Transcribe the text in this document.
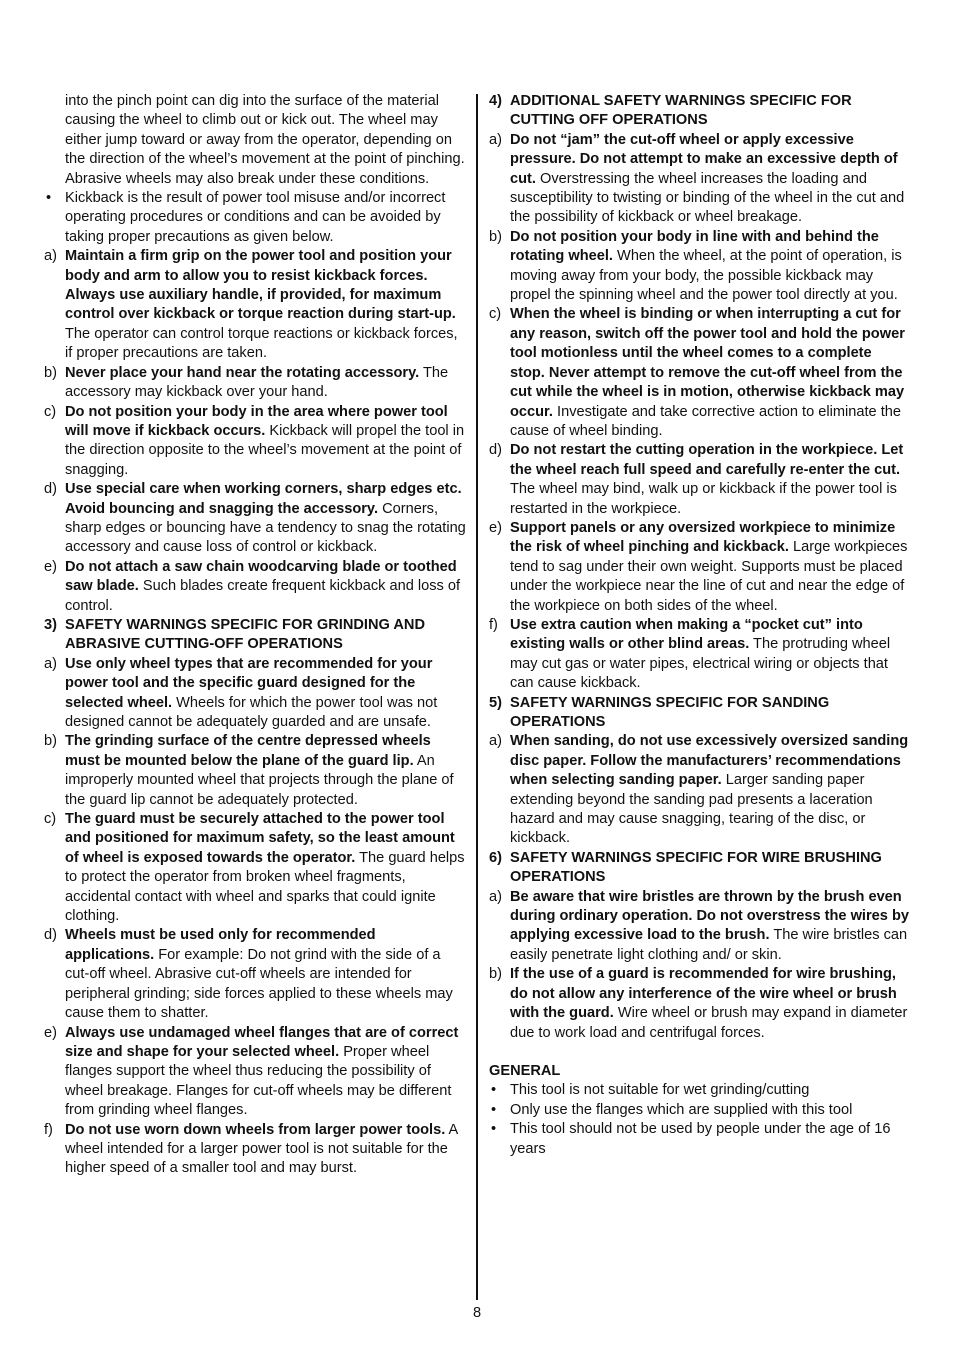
into the pinch point can dig into the surface of the material causing the wheel to climb out or kick out. The wheel may either jump toward or away from the operator, depending on the direction of the wheel’s movement at the point of pinching. Abrasive wheels may also break under these conditions.
• Kickback is the result of power tool misuse and/or incorrect operating procedures or conditions and can be avoided by taking proper precautions as given below.
a) Maintain a firm grip on the power tool and position your body and arm to allow you to resist kickback forces. Always use auxiliary handle, if provided, for maximum control over kickback or torque reaction during start-up. The operator can control torque reactions or kickback forces, if proper precautions are taken.
b) Never place your hand near the rotating accessory. The accessory may kickback over your hand.
c) Do not position your body in the area where power tool will move if kickback occurs. Kickback will propel the tool in the direction opposite to the wheel’s movement at the point of snagging.
d) Use special care when working corners, sharp edges etc. Avoid bouncing and snagging the accessory. Corners, sharp edges or bouncing have a tendency to snag the rotating accessory and cause loss of control or kickback.
e) Do not attach a saw chain woodcarving blade or toothed saw blade. Such blades create frequent kickback and loss of control.
3) SAFETY WARNINGS SPECIFIC FOR GRINDING AND ABRASIVE CUTTING-OFF OPERATIONS
a) Use only wheel types that are recommended for your power tool and the specific guard designed for the selected wheel. Wheels for which the power tool was not designed cannot be adequately guarded and are unsafe.
b) The grinding surface of the centre depressed wheels must be mounted below the plane of the guard lip. An improperly mounted wheel that projects through the plane of the guard lip cannot be adequately protected.
c) The guard must be securely attached to the power tool and positioned for maximum safety, so the least amount of wheel is exposed towards the operator. The guard helps to protect the operator from broken wheel fragments, accidental contact with wheel and sparks that could ignite clothing.
d) Wheels must be used only for recommended applications. For example: Do not grind with the side of a cut-off wheel. Abrasive cut-off wheels are intended for peripheral grinding; side forces applied to these wheels may cause them to shatter.
e) Always use undamaged wheel flanges that are of correct size and shape for your selected wheel. Proper wheel flanges support the wheel thus reducing the possibility of wheel breakage. Flanges for cut-off wheels may be different from grinding wheel flanges.
f) Do not use worn down wheels from larger power tools. A wheel intended for a larger power tool is not suitable for the higher speed of a smaller tool and may burst.
4) ADDITIONAL SAFETY WARNINGS SPECIFIC FOR CUTTING OFF OPERATIONS
a) Do not “jam” the cut-off wheel or apply excessive pressure. Do not attempt to make an excessive depth of cut. Overstressing the wheel increases the loading and susceptibility to twisting or binding of the wheel in the cut and the possibility of kickback or wheel breakage.
b) Do not position your body in line with and behind the rotating wheel. When the wheel, at the point of operation, is moving away from your body, the possible kickback may propel the spinning wheel and the power tool directly at you.
c) When the wheel is binding or when interrupting a cut for any reason, switch off the power tool and hold the power tool motionless until the wheel comes to a complete stop. Never attempt to remove the cut-off wheel from the cut while the wheel is in motion, otherwise kickback may occur. Investigate and take corrective action to eliminate the cause of wheel binding.
d) Do not restart the cutting operation in the workpiece. Let the wheel reach full speed and carefully re-enter the cut. The wheel may bind, walk up or kickback if the power tool is restarted in the workpiece.
e) Support panels or any oversized workpiece to minimize the risk of wheel pinching and kickback. Large workpieces tend to sag under their own weight. Supports must be placed under the workpiece near the line of cut and near the edge of the workpiece on both sides of the wheel.
f) Use extra caution when making a “pocket cut” into existing walls or other blind areas. The protruding wheel may cut gas or water pipes, electrical wiring or objects that can cause kickback.
5) SAFETY WARNINGS SPECIFIC FOR SANDING OPERATIONS
a) When sanding, do not use excessively oversized sanding disc paper. Follow the manufacturers’ recommendations when selecting sanding paper. Larger sanding paper extending beyond the sanding pad presents a laceration hazard and may cause snagging, tearing of the disc, or kickback.
6) SAFETY WARNINGS SPECIFIC FOR WIRE BRUSHING OPERATIONS
a) Be aware that wire bristles are thrown by the brush even during ordinary operation. Do not overstress the wires by applying excessive load to the brush. The wire bristles can easily penetrate light clothing and/ or skin.
b) If the use of a guard is recommended for wire brushing, do not allow any interference of the wire wheel or brush with the guard. Wire wheel or brush may expand in diameter due to work load and centrifugal forces.
GENERAL
• This tool is not suitable for wet grinding/cutting
• Only use the flanges which are supplied with this tool
• This tool should not be used by people under the age of 16 years
8
